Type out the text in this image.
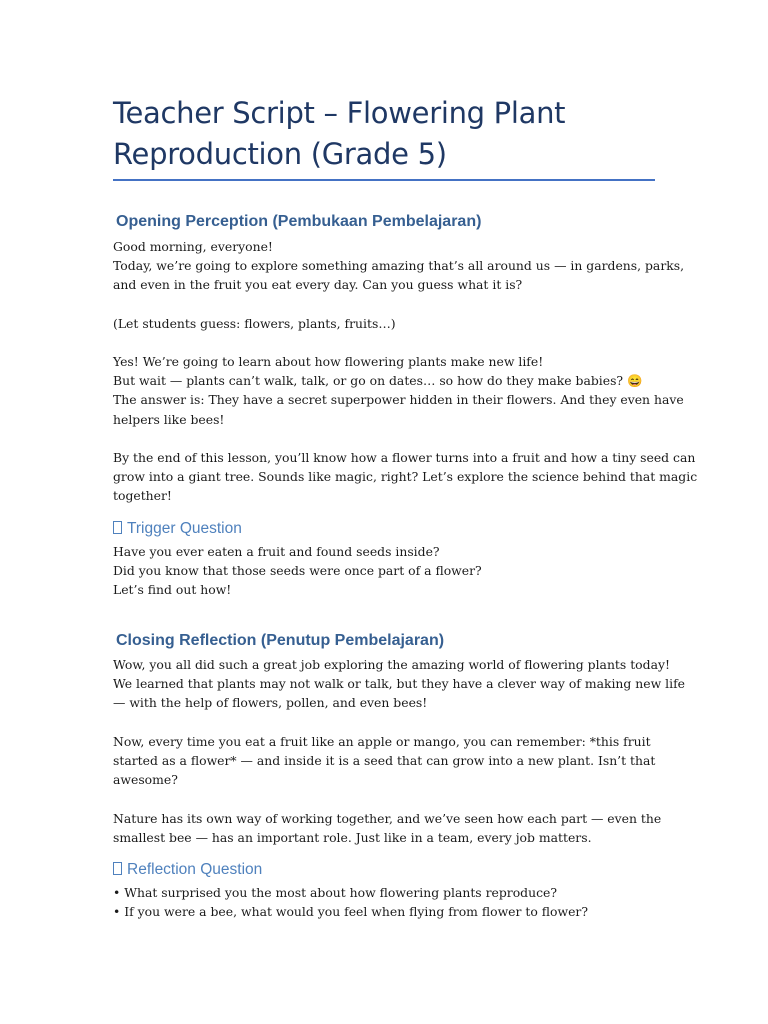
Teacher Script – Flowering Plant
Reproduction (Grade 5)
Opening Perception (Pembukaan Pembelajaran)
Good morning, everyone!
Today, we’re going to explore something amazing that’s all around us — in gardens, parks,
and even in the fruit you eat every day. Can you guess what it is?
(Let students guess: flowers, plants, fruits…)
Yes! We’re going to learn about how flowering plants make new life!
But wait — plants can’t walk, talk, or go on dates… so how do they make babies? 😄
The answer is: They have a secret superpower hidden in their flowers. And they even have
helpers like bees!
By the end of this lesson, you’ll know how a flower turns into a fruit and how a tiny seed can
grow into a giant tree. Sounds like magic, right? Let’s explore the science behind that magic
together!
Trigger Question
Have you ever eaten a fruit and found seeds inside?
Did you know that those seeds were once part of a flower?
Let’s find out how!
Closing Reflection (Penutup Pembelajaran)
Wow, you all did such a great job exploring the amazing world of flowering plants today!
We learned that plants may not walk or talk, but they have a clever way of making new life
— with the help of flowers, pollen, and even bees!
Now, every time you eat a fruit like an apple or mango, you can remember: *this fruit
started as a flower* — and inside it is a seed that can grow into a new plant. Isn’t that
awesome?
Nature has its own way of working together, and we’ve seen how each part — even the
smallest bee — has an important role. Just like in a team, every job matters.
Reflection Question
• What surprised you the most about how flowering plants reproduce?
• If you were a bee, what would you feel when flying from flower to flower?
